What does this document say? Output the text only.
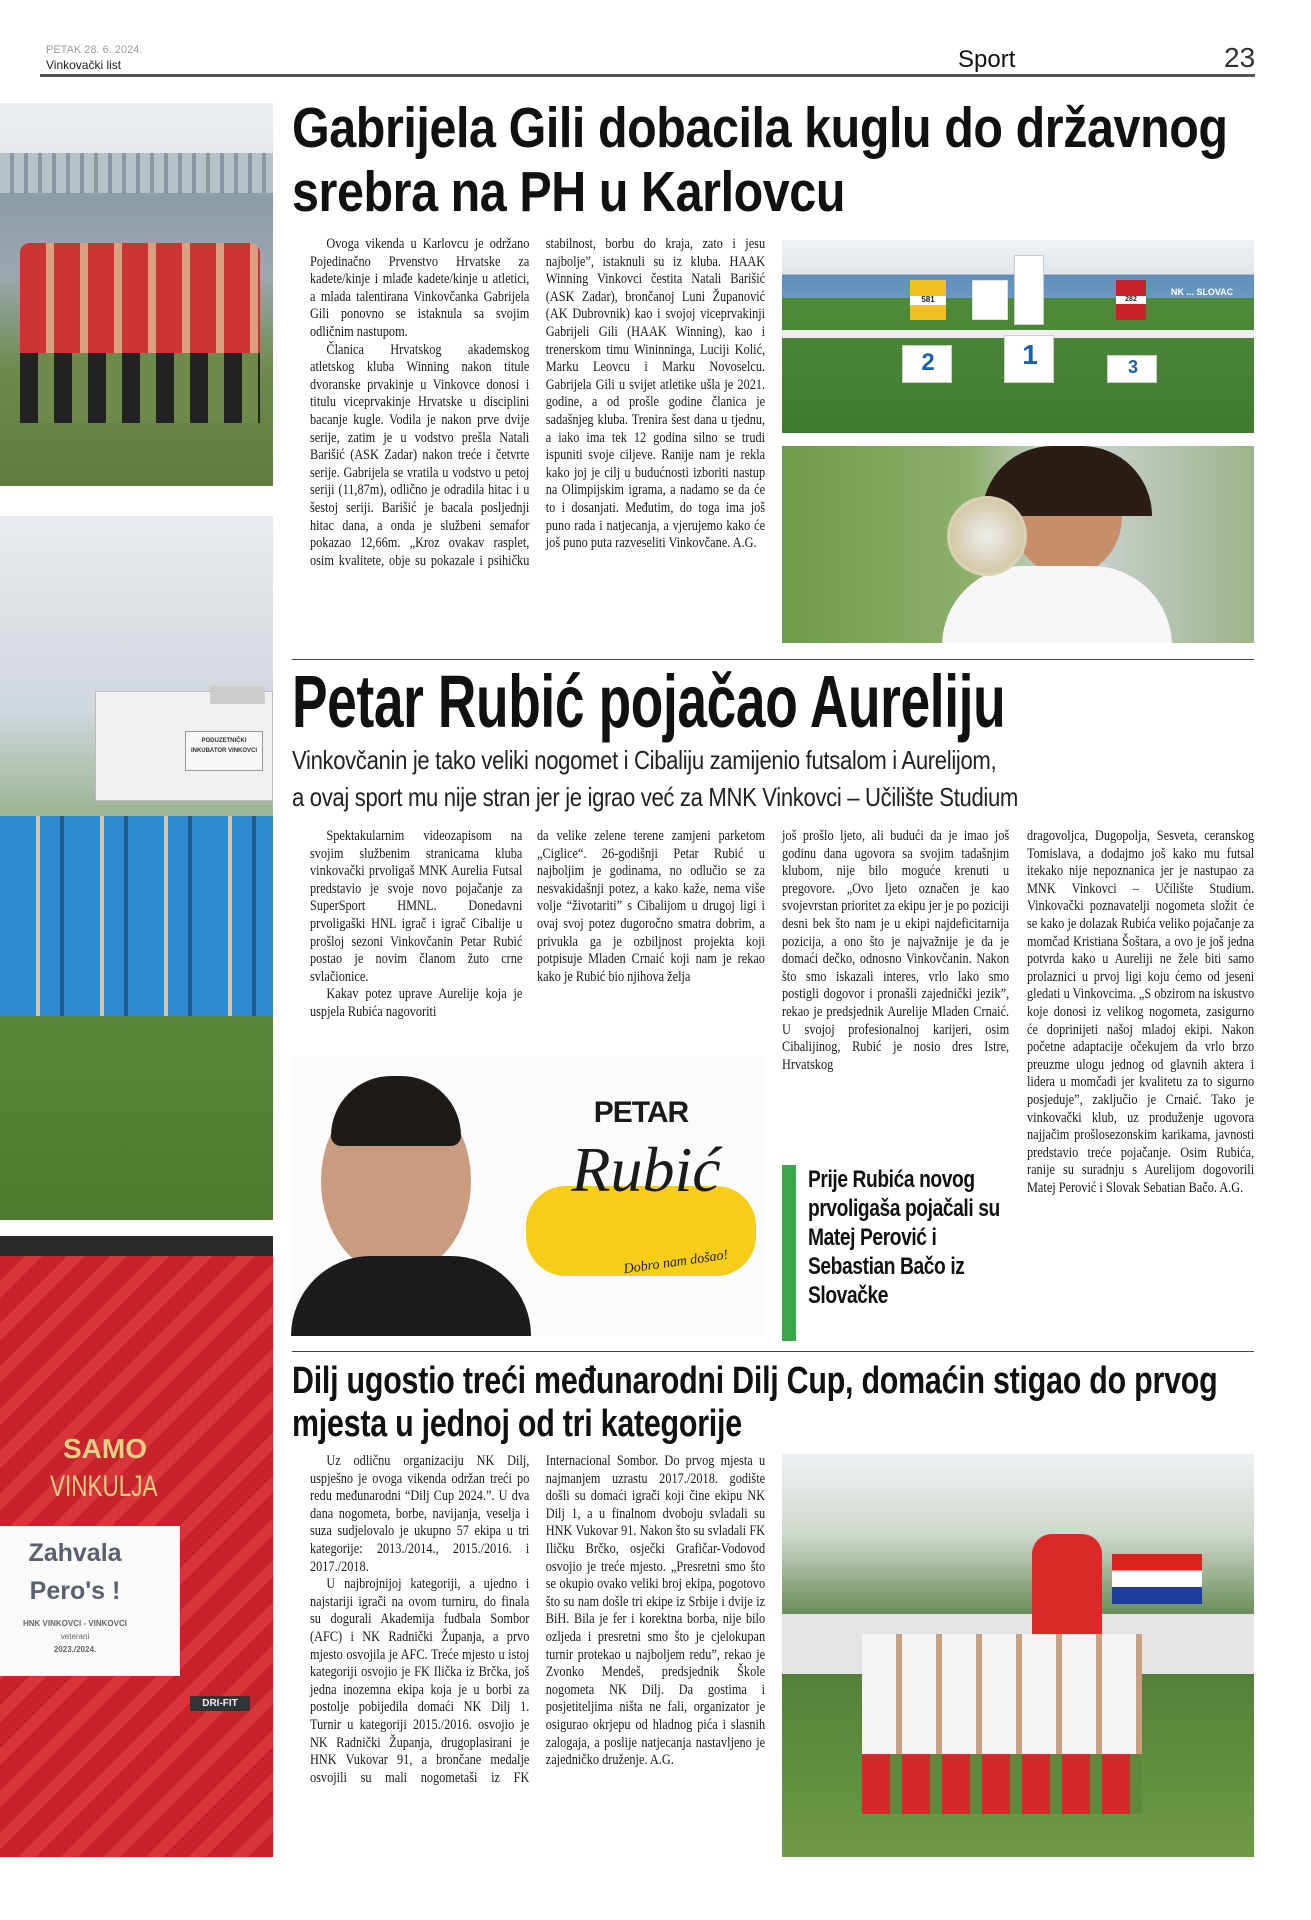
PETAK 28. 6. 2024.
Vinkovački list	Sport	23
PODUZETNIČKI INKUBATOR VINKOVCI
SAMO
VINKULJA
Zahvala
Pero's !
HNK VINKOVCI - VINKOVCI
veterani
2023./2024.
DRI-FIT
Gabrijela Gili dobacila kuglu do državnog srebra na PH u Karlovcu

Ovoga vikenda u Karlovcu je održano Pojedinačno Prvenstvo Hrvatske za kadete/kinje i mlađe kadete/kinje u atletici, a mlada talentirana Vinkovčanka Gabrijela Gili ponovno se istaknula sa svojim odličnim nastupom.

Članica Hrvatskog akademskog atletskog kluba Winning nakon titule dvoranske prvakinje u Vinkovce donosi i titulu viceprvakinje Hrvatske u disciplini bacanje kugle. Vodila je nakon prve dvije serije, zatim je u vodstvo prešla Natali Barišić (ASK Zadar) nakon treće i četvrte serije. Gabrijela se vratila u vodstvo u petoj seriji (11,87m), odlično je odradila hitac i u šestoj seriji. Barišić je bacala posljednji hitac dana, a onda je službeni semafor pokazao 12,66m. „Kroz ovakav rasplet, osim kvalitete, obje su pokazale i psihičku stabilnost, borbu do kraja, zato i jesu najbolje”, istaknuli su iz kluba. HAAK Winning Vinkovci čestita Natali Barišić (ASK Zadar), brončanoj Luni Županović (AK Dubrovnik) kao i svojoj viceprvakinji Gabrijeli Gili (HAAK Winning), kao i trenerskom timu Wininninga, Luciji Kolić, Marku Leovcu i Marku Novoselcu. Gabrijela Gili u svijet atletike ušla je 2021. godine, a od prošle godine članica je sadašnjeg kluba. Trenira šest dana u tjednu, a iako ima tek 12 godina silno se trudi ispuniti svoje ciljeve. Ranije nam je rekla kako joj je cilj u budućnosti izboriti nastup na Olimpijskim igrama, a nadamo se da će to i dosanjati. Međutim, do toga ima još puno rada i natjecanja, a vjerujemo kako će još puno puta razveseliti Vinkovčane. A.G.

2	1	3
581	282
NK ... SLOVAC
Petar Rubić pojačao Aureliju
Vinkovčanin je tako veliki nogomet i Cibaliju zamijenio futsalom i Aurelijom,
a ovaj sport mu nije stran jer je igrao već za MNK Vinkovci – Učilište Studium

Spektakularnim videozapisom na svojim službenim stranicama kluba vinkovački prvoligaš MNK Aurelia Futsal predstavio je svoje novo pojačanje za SuperSport HMNL. Donedavni prvoligaški HNL igrač i igrač Cibalije u prošloj sezoni Vinkovčanin Petar Rubić postao je novim članom žuto crne svlačionice.

Kakav potez uprave Aurelije koja je uspjela Rubića nagovoriti

da velike zelene terene zamjeni parketom „Ciglice“. 26-godišnji Petar Rubić u najboljim je godinama, no odlučio se za nesvakidašnji potez, a kako kaže, nema više volje “životariti” s Cibalijom u drugoj ligi i ovaj svoj potez dugoročno smatra dobrim, a privukla ga je ozbiljnost projekta koji potpisuje Mladen Crnaić koji nam je rekao kako je Rubić bio njihova želja

još prošlo ljeto, ali budući da je imao još godinu dana ugovora sa svojim tadašnjim klubom, nije bilo moguće krenuti u pregovore. „Ovo ljeto označen je kao svojevrstan prioritet za ekipu jer je po poziciji desni bek što nam je u ekipi najdeficitarnija pozicija, a ono što je najvažnije je da je domaći dečko, odnosno Vinkovčanin. Nakon što smo iskazali interes, vrlo lako smo postigli dogovor i pronašli zajednički jezik”, rekao je predsjednik Aurelije Mladen Crnaić. U svojoj profesionalnoj karijeri, osim Cibalijinog, Rubić je nosio dres Istre, Hrvatskog

dragovoljca, Dugopolja, Sesveta, ceranskog Tomislava, a dodajmo još kako mu futsal itekako nije nepoznanica jer je nastupao za MNK Vinkovci – Učilište Studium. Vinkovački poznavatelji nogometa složit će se kako je dolazak Rubića veliko pojačanje za momčad Kristiana Šoštara, a ovo je još jedna potvrda kako u Aureliji ne žele biti samo prolaznici u prvoj ligi koju ćemo od jeseni gledati u Vinkovcima. „S obzirom na iskustvo koje donosi iz velikog nogometa, zasigurno će doprinijeti našoj mladoj ekipi. Nakon početne adaptacije očekujem da vrlo brzo preuzme ulogu jednog od glavnih aktera i lidera u momčadi jer kvalitetu za to sigurno posjeduje”, zaključio je Crnaić. Tako je vinkovački klub, uz produženje ugovora najjačim prošlosezonskim karikama, javnosti predstavio treće pojačanje. Osim Rubića, ranije su suradnju s Aurelijom dogovorili Matej Perović i Slovak Sebatian Bačo. A.G.

PETAR
Rubić
Dobro nam došao!
Prije Rubića novog prvoligaša pojačali su Matej Perović i Sebastian Bačo iz Slovačke
Dilj ugostio treći međunarodni Dilj Cup, domaćin stigao do prvog mjesta u jednoj od tri kategorije

Uz odličnu organizaciju NK Dilj, uspješno je ovoga vikenda održan treći po redu međunarodni “Dilj Cup 2024.”. U dva dana nogometa, borbe, navijanja, veselja i suza sudjelovalo je ukupno 57 ekipa u tri kategorije: 2013./2014., 2015./2016. i 2017./2018.

U najbrojnijoj kategoriji, a ujedno i najstariji igrači na ovom turniru, do finala su dogurali Akademija fudbala Sombor (AFC) i NK Radnički Županja, a prvo mjesto osvojila je AFC. Treće mjesto u istoj kategoriji osvojio je FK Ilička iz Brčka, još jedna inozemna ekipa koja je u borbi za postolje pobijedila domaći NK Dilj 1. Turnir u kategoriji 2015./2016. osvojio je NK Radnički Županja, drugoplasirani je HNK Vukovar 91, a brončane medalje osvojili su mali nogometaši iz FK Internacional Sombor. Do prvog mjesta u najmanjem uzrastu 2017./2018. godište došli su domaći igrači koji čine ekipu NK Dilj 1, a u finalnom dvoboju svladali su HNK Vukovar 91. Nakon što su svladali FK Iličku Brčko, osječki Grafičar-Vodovod osvojio je treće mjesto. „Presretni smo što se okupio ovako veliki broj ekipa, pogotovo što su nam došle tri ekipe iz Srbije i dvije iz BiH. Bila je fer i korektna borba, nije bilo ozljeda i presretni smo što je cjelokupan turnir protekao u najboljem redu”, rekao je Zvonko Mendeš, predsjednik Škole nogometa NK Dilj. Da gostima i posjetiteljima ništa ne fali, organizator je osigurao okrjepu od hladnog pića i slasnih zalogaja, a poslije natjecanja nastavljeno je zajedničko druženje. A.G.
